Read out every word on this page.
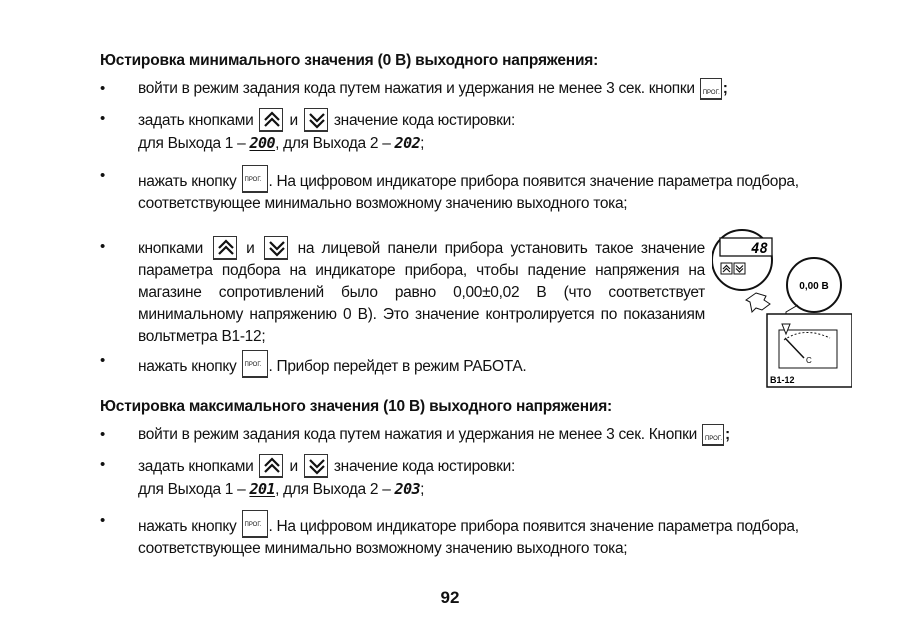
Юстировка минимального значения (0 В) выходного напряжения:
• войти в режим задания кода путем нажатия и удержания не менее 3 сек. кнопки ПРОГ. ;
• задать кнопками и значение кода юстировки:
для Выхода 1 – 200, для Выхода 2 – 202;
• нажать кнопку ПРОГ. . На цифровом индикаторе прибора появится значение параметра подбора, соответствующее минимально возможному значению выходного тока;
• кнопками	и	на лицевой панели прибора установить такое значение параметра подбора на индикаторе прибора, чтобы падение напряжения на магазине сопротивлений было равно 0,00±0,02 В (что соответствует минимальному напряжению 0 В). Это значение контролируется по показаниям вольтметра В1-12;
• нажать кнопку ПРОГ. . Прибор перейдет в режим РАБОТА.
48
0,00 В
С
В1-12
Юстировка максимального значения (10 В) выходного напряжения:
• войти в режим задания кода путем нажатия и удержания не менее 3 сек. Кнопки ПРОГ. ;
• задать кнопками и значение кода юстировки:
для Выхода 1 – 201, для Выхода 2 – 203;
• нажать кнопку ПРОГ. . На цифровом индикаторе прибора появится значение параметра подбора, соответствующее минимально возможному значению выходного тока;
92
